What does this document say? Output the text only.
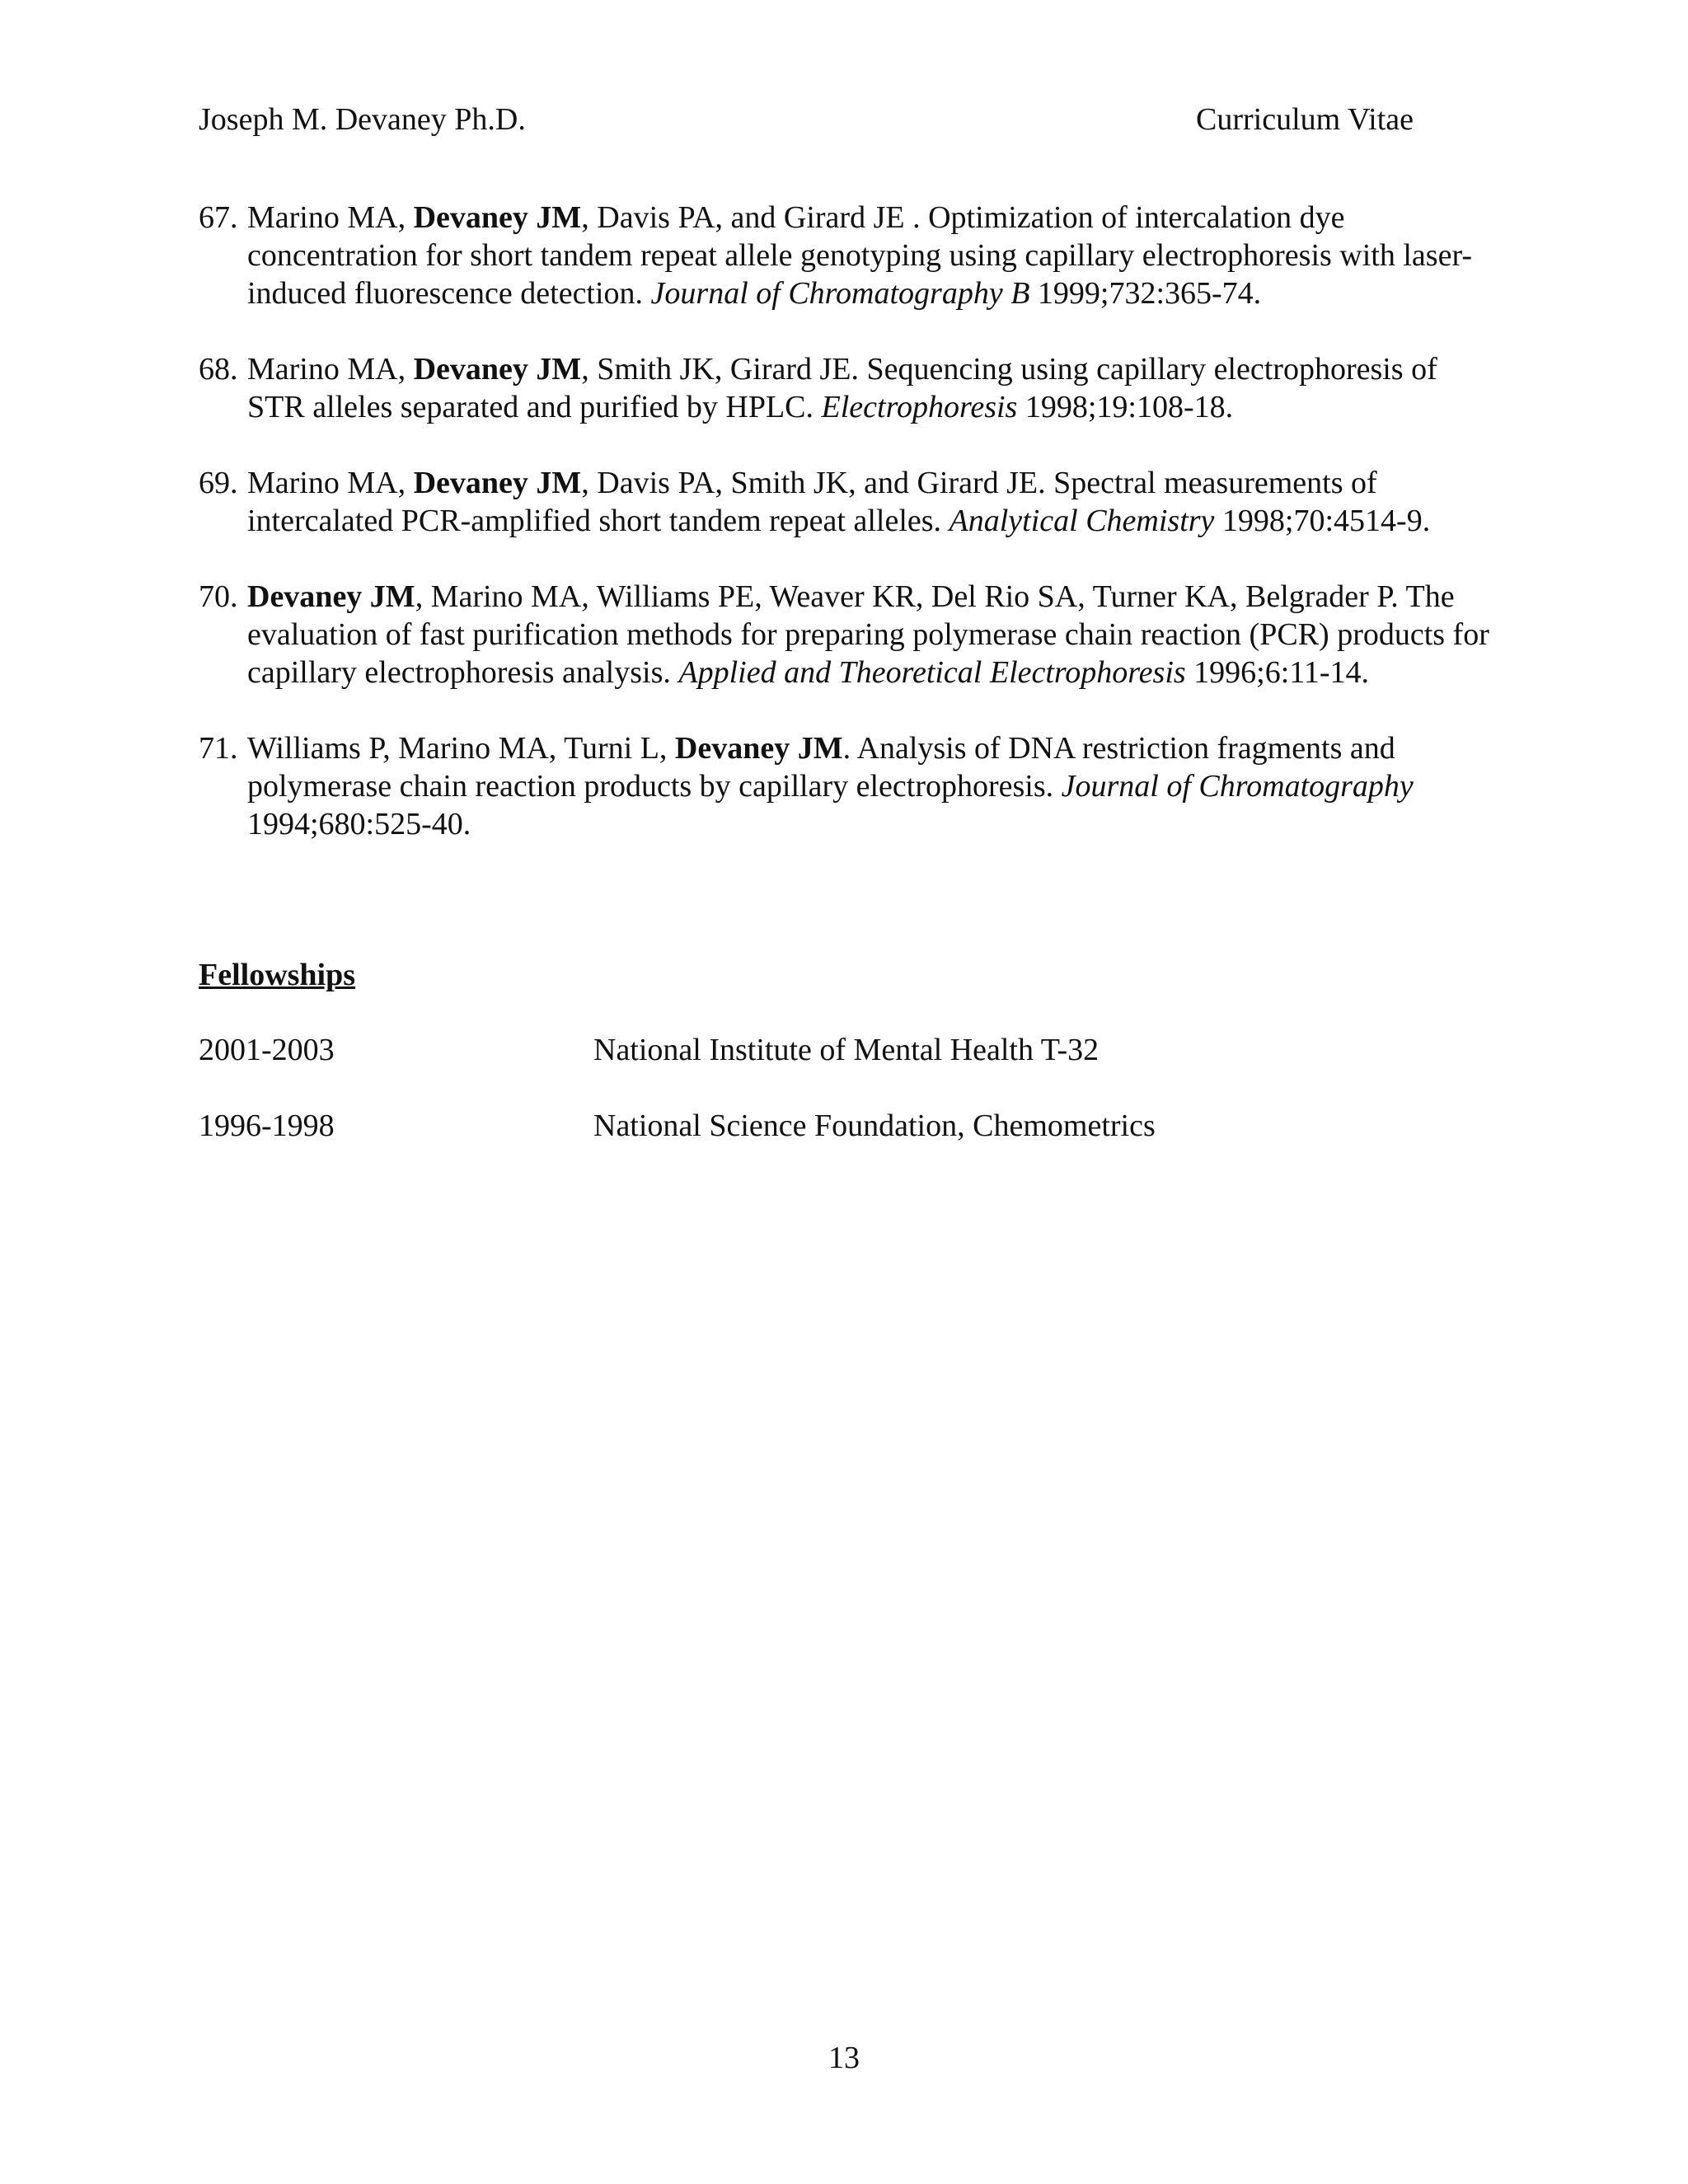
Joseph M. Devaney Ph.D.	Curriculum Vitae
67. Marino MA, Devaney JM, Davis PA, and Girard JE . Optimization of intercalation dye concentration for short tandem repeat allele genotyping using capillary electrophoresis with laser-induced fluorescence detection. Journal of Chromatography B 1999;732:365-74.
68. Marino MA, Devaney JM, Smith JK, Girard JE. Sequencing using capillary electrophoresis of STR alleles separated and purified by HPLC. Electrophoresis 1998;19:108-18.
69. Marino MA, Devaney JM, Davis PA, Smith JK, and Girard JE. Spectral measurements of intercalated PCR-amplified short tandem repeat alleles. Analytical Chemistry 1998;70:4514-9.
70. Devaney JM, Marino MA, Williams PE, Weaver KR, Del Rio SA, Turner KA, Belgrader P. The evaluation of fast purification methods for preparing polymerase chain reaction (PCR) products for capillary electrophoresis analysis. Applied and Theoretical Electrophoresis 1996;6:11-14.
71. Williams P, Marino MA, Turni L, Devaney JM. Analysis of DNA restriction fragments and polymerase chain reaction products by capillary electrophoresis. Journal of Chromatography 1994;680:525-40.
Fellowships
2001-2003	National Institute of Mental Health T-32
1996-1998	National Science Foundation, Chemometrics
13
